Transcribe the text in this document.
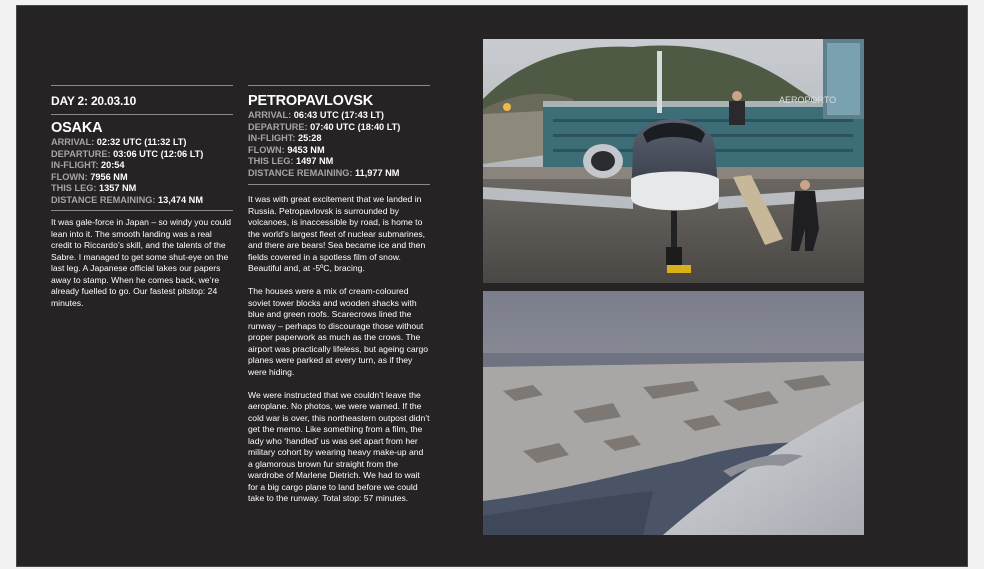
DAY 2: 20.03.10
OSAKA
ARRIVAL: 02:32 UTC (11:32 LT)
DEPARTURE: 03:06 UTC (12:06 LT)
IN-FLIGHT: 20:54
FLOWN: 7956 NM
THIS LEG: 1357 NM
DISTANCE REMAINING: 13,474 NM

It was gale-force in Japan – so windy you could lean into it. The smooth landing was a real credit to Riccardo’s skill, and the talents of the Sabre. I managed to get some shut-eye on the last leg. A Japanese official takes our papers away to stamp. When he comes back, we’re already fuelled to go. Our fastest pitstop: 24 minutes.

PETROPAVLOVSK
ARRIVAL: 06:43 UTC (17:43 LT)
DEPARTURE: 07:40 UTC (18:40 LT)
IN-FLIGHT: 25:28
FLOWN: 9453 NM
THIS LEG: 1497 NM
DISTANCE REMAINING: 11,977 NM

It was with great excitement that we landed in Russia. Petropavlovsk is surrounded by volcanoes, is inaccessible by road, is home to the world’s largest fleet of nuclear submarines, and there are bears! Sea became ice and then fields covered in a spotless film of snow. Beautiful and, at -5ºC, bracing.

The houses were a mix of cream-coloured soviet tower blocks and wooden shacks with blue and green roofs. Scarecrows lined the runway – perhaps to discourage those without proper paperwork as much as the crows. The airport was practically lifeless, but ageing cargo planes were parked at every turn, as if they were hiding.

We were instructed that we couldn’t leave the aeroplane. No photos, we were warned. If the cold war is over, this northeastern outpost didn’t get the memo. Like something from a film, the lady who ‘handled’ us was set apart from her military cohort by wearing heavy make-up and a glamorous brown fur straight from the wardrobe of Marlene Dietrich. We had to wait for a big cargo plane to land before we could take to the runway. Total stop: 57 minutes.

AEROPORTO
